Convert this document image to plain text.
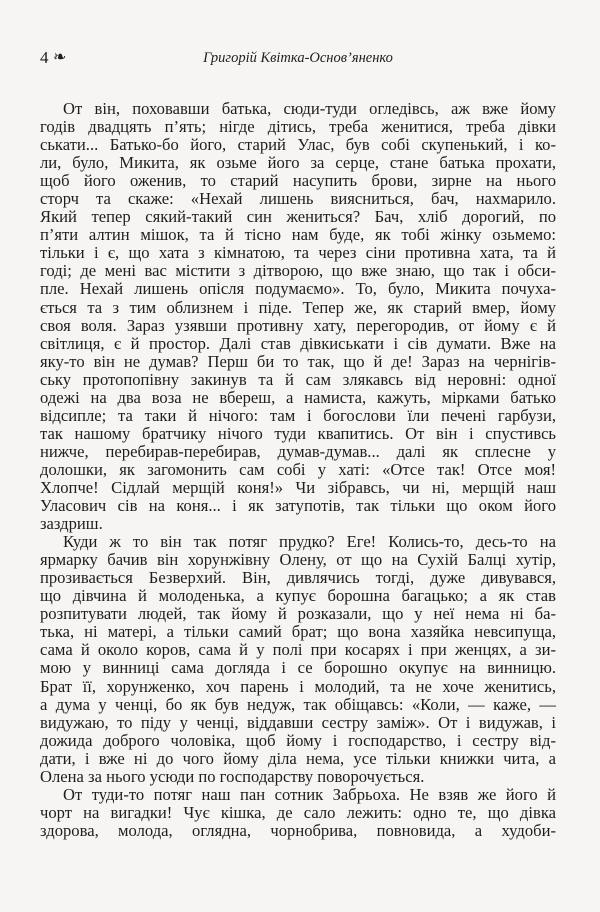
4 ❧	Григорій Квітка-Основ’яненко
От він, поховавши батька, сюди-туди огледівсь, аж вже йому
годів двадцять п’ять; нігде дітись, треба женитися, треба дівки
ськати... Батько-бо його, старий Улас, був собі скупенький, і ко-
ли, було, Микита, як озьме його за серце, стане батька прохати,
щоб його оженив, то старий насупить брови, зирне на нього
сторч та скаже: «Нехай лишень виясниться, бач, нахмарило.
Який тепер сякий-такий син жениться? Бач, хліб дорогий, по
п’яти алтин мішок, та й тісно нам буде, як тобі жінку озьмемо:
тільки і є, що хата з кімнатою, та через сіни противна хата, та й
годі; де мені вас містити з дітворою, що вже знаю, що так і обси-
пле. Нехай лишень опісля подумаємо». То, було, Микита почуха-
ється та з тим облизнем і піде. Тепер же, як старий вмер, йому
своя воля. Зараз узявши противну хату, перегородив, от йому є й
світлиця, є й простор. Далі став дівкиськати і сів думати. Вже на
яку-то він не думав? Перш би то так, що й де! Зараз на чернігів-
ську протопопівну закинув та й сам злякавсь від неровні: одної
одежі на два воза не вбереш, а намиста, кажуть, мірками батько
відсипле; та таки й нічого: там і богослови їли печені гарбузи,
так нашому братчику нічого туди квапитись. От він і спустивсь
нижче, перебирав-перебирав, думав-думав... далі як сплесне у
долошки, як загомонить сам собі у хаті: «Отсе так! Отсе моя!
Хлопче! Сідлай мерщій коня!» Чи зібравсь, чи ні, мерщій наш
Уласович сів на коня... і як затупотів, так тільки що оком його
заздриш.
Куди ж то він так потяг прудко? Еге! Колись-то, десь-то на
ярмарку бачив він хорунжівну Олену, от що на Сухій Балці хутір,
прозивається Безверхий. Він, дивлячись тогді, дуже дивувався,
що дівчина й молоденька, а купує борошна багацько; а як став
розпитувати людей, так йому й розказали, що у неї нема ні ба-
тька, ні матері, а тільки самий брат; що вона хазяйка невсипуща,
сама й около коров, сама й у полі при косарях і при женцях, а зи-
мою у винниці сама догляда і се борошно окупує на винницю.
Брат її, хорунженко, хоч парень і молодий, та не хоче женитись,
а дума у ченці, бо як був недуж, так обіщавсь: «Коли, — каже, —
видужаю, то піду у ченці, віддавши сестру заміж». От і видужав, і
дожида доброго чоловіка, щоб йому і господарство, і сестру від-
дати, і вже ні до чого йому діла нема, усе тільки книжки чита, а
Олена за нього усюди по господарству поворочується.
От туди-то потяг наш пан сотник Забрьоха. Не взяв же його й
чорт на вигадки! Чує кішка, де сало лежить: одно те, що дівка
здорова, молода, оглядна, чорнобрива, повновида, а худоби-
